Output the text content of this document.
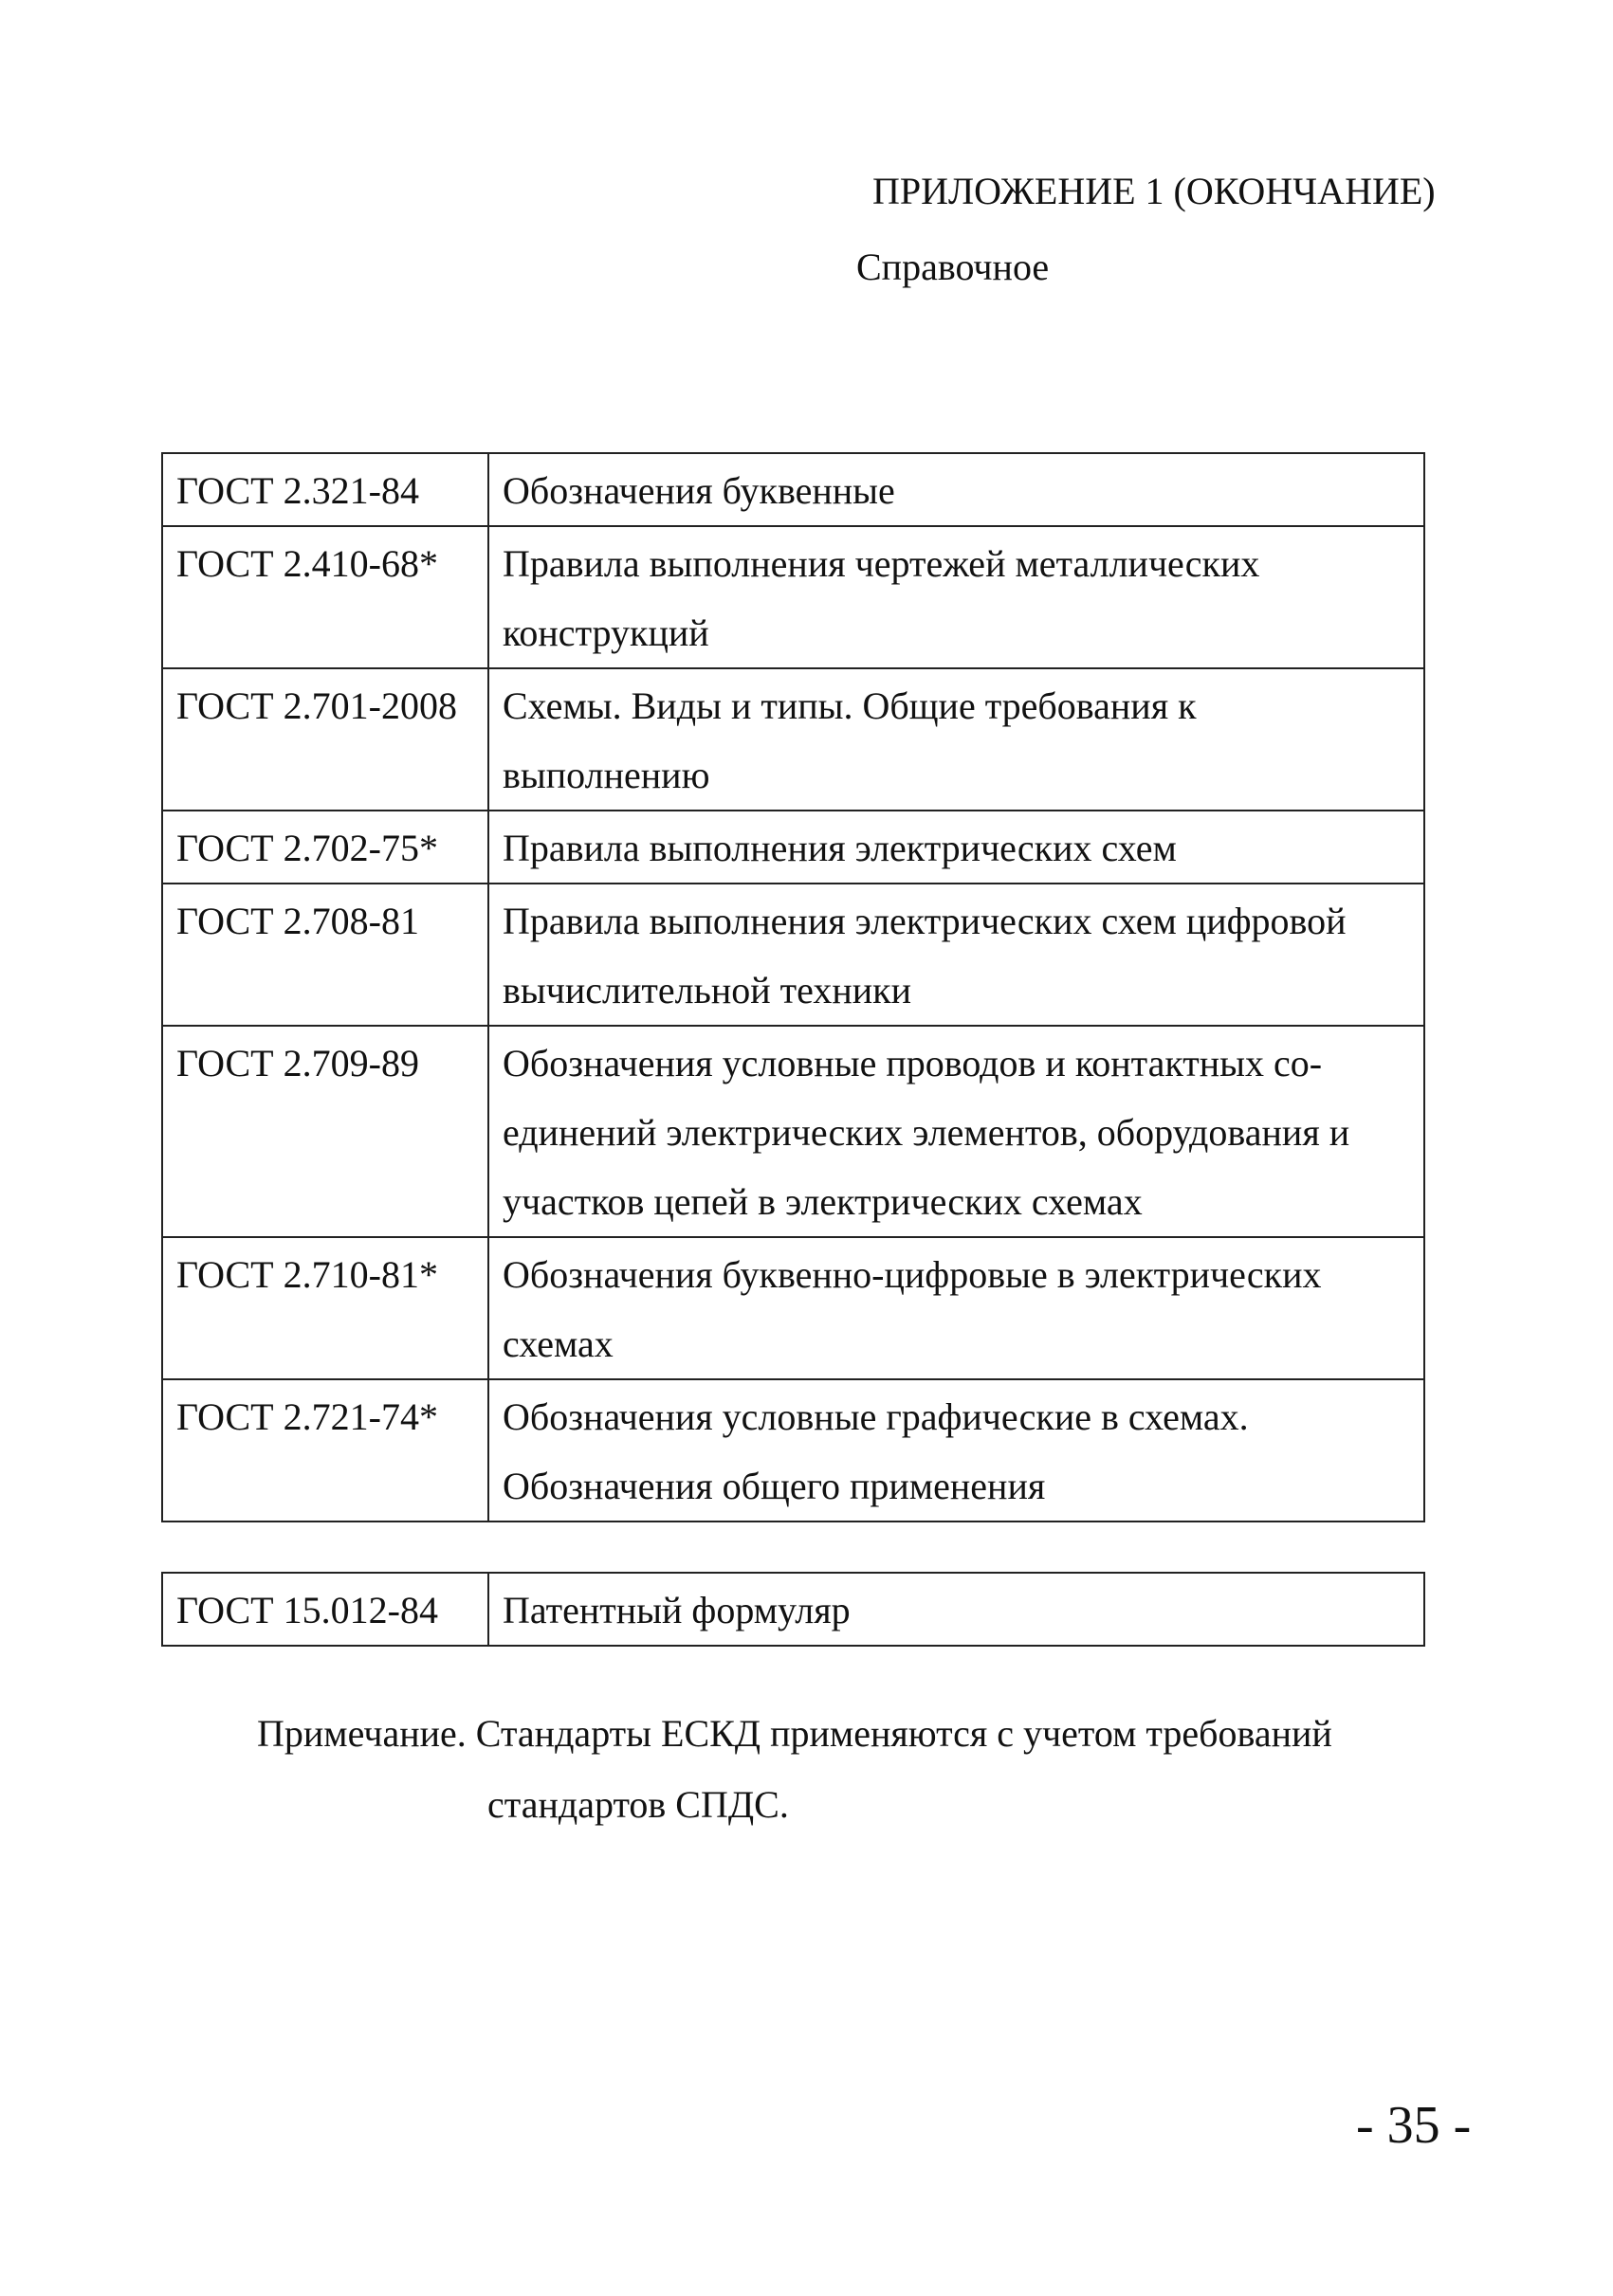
ПРИЛОЖЕНИЕ 1 (ОКОНЧАНИЕ)
Справочное
ГОСТ 2.321-84	Обозначения буквенные
ГОСТ 2.410-68*	Правила выполнения чертежей металлических конструкций
ГОСТ 2.701-2008	Схемы. Виды и типы. Общие требования к выполнению
ГОСТ 2.702-75*	Правила выполнения электрических схем
ГОСТ 2.708-81	Правила выполнения электрических схем цифровой вычислительной техники
ГОСТ 2.709-89	Обозначения условные проводов и контактных со-единений электрических элементов, оборудования и участков цепей в электрических схемах
ГОСТ 2.710-81*	Обозначения буквенно-цифровые в электрических схемах
ГОСТ 2.721-74*	Обозначения условные графические в схемах. Обозначения общего применения
ГОСТ 15.012-84	Патентный формуляр
Примечание. Стандарты ЕСКД применяются с учетом требований
стандартов СПДС.
- 35 -
